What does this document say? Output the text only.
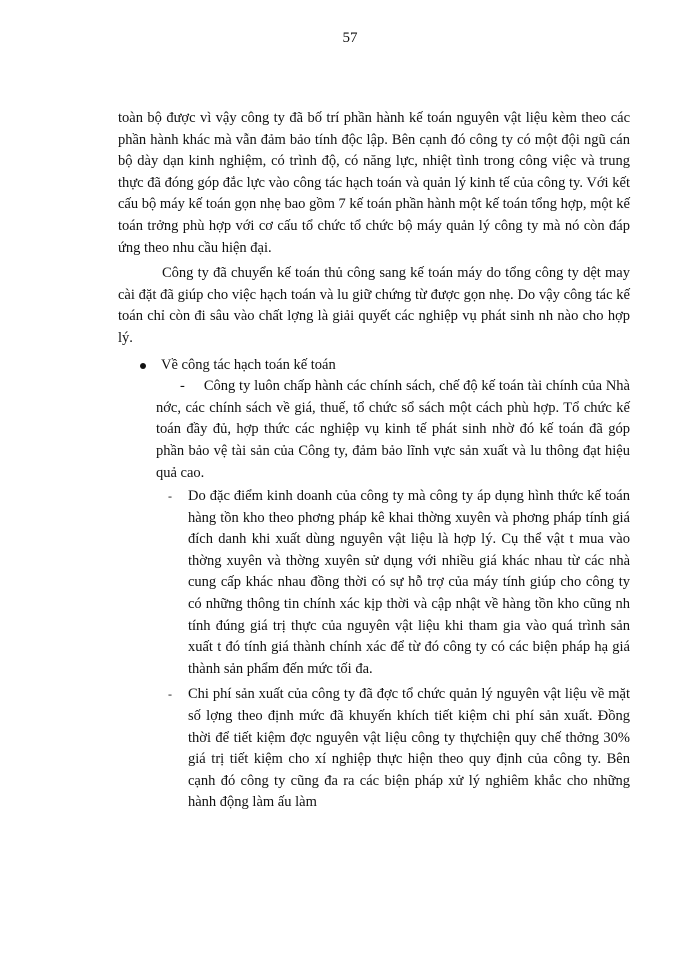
57

toàn bộ được vì vậy công ty đã bố trí phần hành kế toán nguyên vật liệu kèm theo các phần hành khác mà vẫn đảm bảo tính độc lập. Bên cạnh đó công ty có một đội ngũ cán bộ dày dạn kinh nghiệm, có trình độ, có năng lực, nhiệt tình trong công việc và trung thực đã đóng góp đắc lực vào công tác hạch toán và quản lý kinh tế của công ty. Với kết cấu bộ máy kế toán gọn nhẹ bao gồm 7 kế toán phần hành một kế toán tổng hợp, một kế toán trởng phù hợp với cơ cấu tổ chức tổ chức bộ máy quản lý công ty mà nó còn đáp ứng theo nhu cầu hiện đại.

Công ty đã chuyển kế toán thủ công sang kế toán máy do tổng công ty dệt may cài đặt đã giúp cho việc hạch toán và lu giữ chứng từ được gọn nhẹ. Do vậy công tác kế toán chỉ còn đi sâu vào chất lợng là giải quyết các nghiệp vụ phát sinh nh nào cho hợp lý.

Về công tác hạch toán kế toán

- Công ty luôn chấp hành các chính sách, chế độ kế toán tài chính của Nhà nớc, các chính sách về giá, thuế, tổ chức sổ sách một cách phù hợp. Tổ chức kế toán đầy đủ, hợp thức các nghiệp vụ kinh tế phát sinh nhờ đó kế toán đã góp phần bảo vệ tài sản của Công ty, đảm bảo lĩnh vực sản xuất và lu thông đạt hiệu quả cao.

- Do đặc điểm kinh doanh của công ty mà công ty áp dụng hình thức kế toán hàng tồn kho theo phơng pháp kê khai thờng xuyên và phơng pháp tính giá đích danh khi xuất dùng nguyên vật liệu là hợp lý. Cụ thể vật t mua vào thờng xuyên và thờng xuyên sử dụng với nhiều giá khác nhau từ các nhà cung cấp khác nhau đồng thời có sự hỗ trợ của máy tính giúp cho công ty có những thông tin chính xác kịp thời và cập nhật về hàng tồn kho cũng nh tính đúng giá trị thực của nguyên vật liệu khi tham gia vào quá trình sản xuất t đó tính giá thành chính xác để từ đó công ty có các biện pháp hạ giá thành sản phẩm đến mức tối đa.

- Chi phí sản xuất của công ty đã đợc tổ chức quản lý nguyên vật liệu về mặt số lợng theo định mức đã khuyến khích tiết kiệm chi phí sản xuất. Đồng thời để tiết kiệm đợc nguyên vật liệu công ty thựchiện quy chế thởng 30% giá trị tiết kiệm cho xí nghiệp thực hiện theo quy định của công ty. Bên cạnh đó công ty cũng đa ra các biện pháp xử lý nghiêm khắc cho những hành động làm ấu làm
